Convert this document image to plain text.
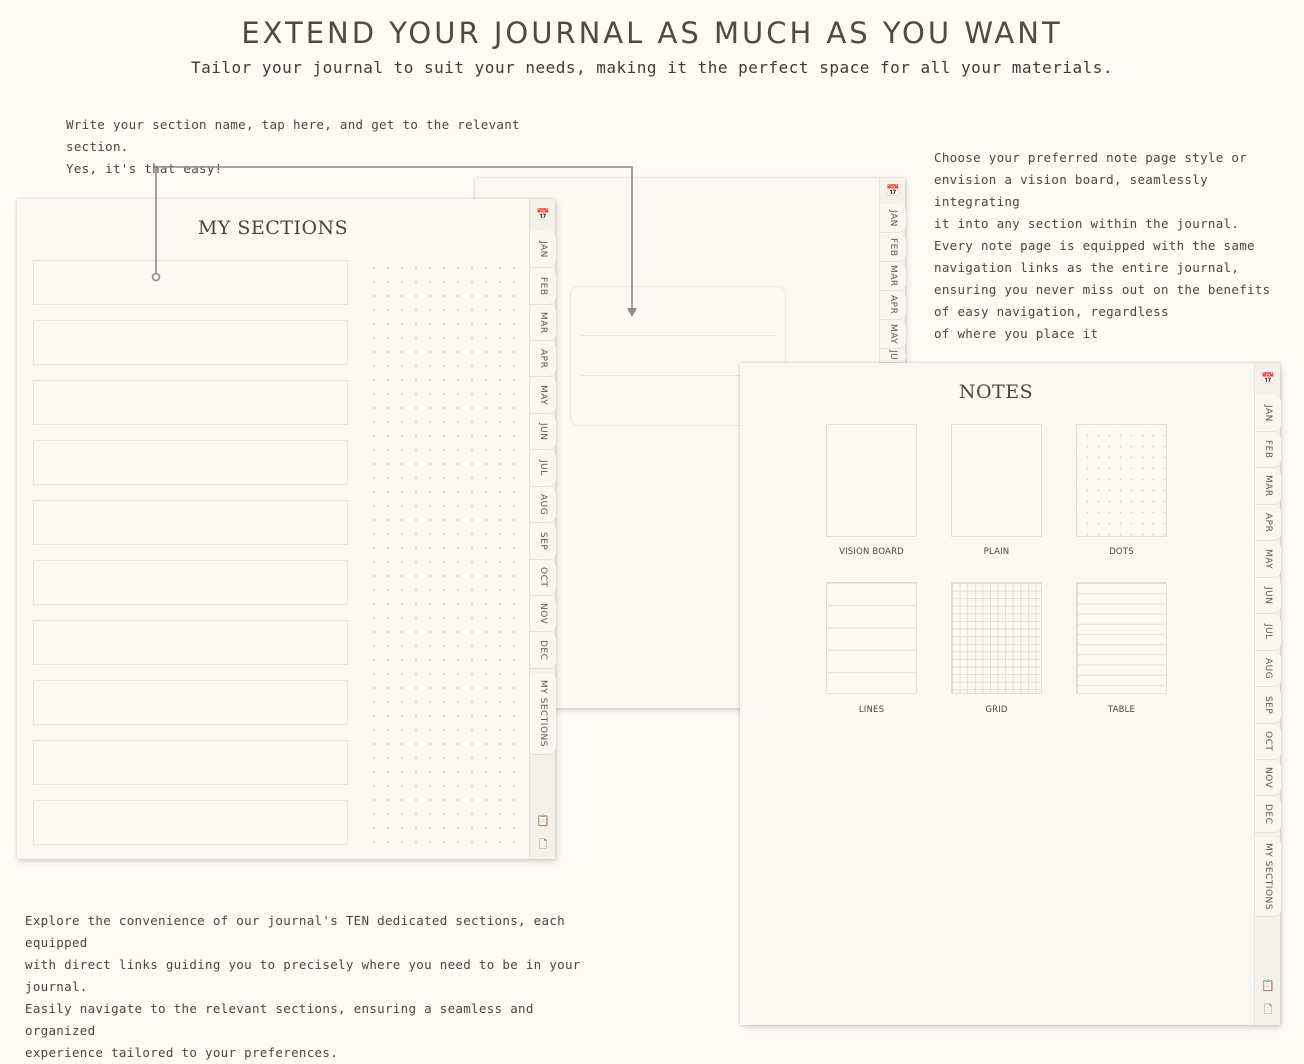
EXTEND YOUR JOURNAL AS MUCH AS YOU WANT
Tailor your journal to suit your needs, making it the perfect space for all your materials.
Write your section name, tap here, and get to the relevant section.
Yes, it's that easy!
Choose your preferred note page style or
envision a vision board, seamlessly integrating
it into any section within the journal.
Every note page is equipped with the same
navigation links as the entire journal,
ensuring you never miss out on the benefits
of easy navigation, regardless
of where you place it
Explore the convenience of our journal's TEN dedicated sections, each equipped
with direct links guiding you to precisely where you need to be in your journal.
Easily navigate to the relevant sections, ensuring a seamless and organized
experience tailored to your preferences.
📅
JAN
FEB
MAR
APR
MAY
JU
MY SECTIONS
📅
JAN
FEB
MAR
APR
MAY
JUN
JUL
AUG
SEP
OCT
NOV
DEC
MY SECTIONS
📋
🗋
NOTES
VISION BOARD	PLAIN	DOTS
LINES	GRID	TABLE
📅
JAN
FEB
MAR
APR
MAY
JUN
JUL
AUG
SEP
OCT
NOV
DEC
MY SECTIONS
📋
🗋
